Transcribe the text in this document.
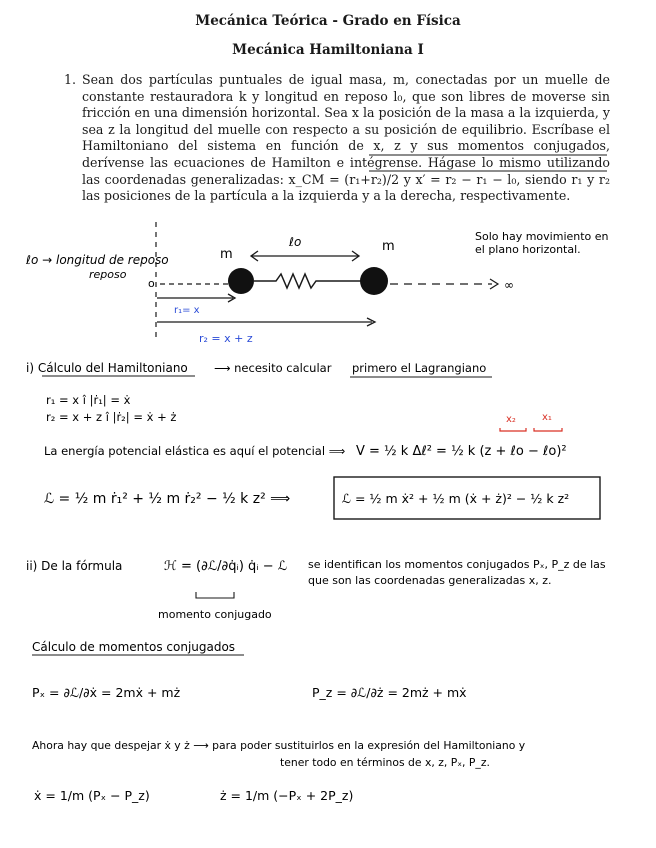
Mecánica Teórica - Grado en Física
Mecánica Hamiltoniana I
1. Sean dos partículas puntuales de igual masa, m, conectadas por un muelle de constante restauradora k y longitud en reposo l₀, que son libres de moverse sin fricción en una dimensión horizontal. Sea x la posición de la masa a la izquierda, y sea z la longitud del muelle con respecto a su posición de equilibrio. Escríbase el Hamiltoniano del sistema en función de x, z y sus momentos conjugados, derívense las ecuaciones de Hamilton e intégrense. Hágase lo mismo utilizando las coordenadas generalizadas: x_CM = (r₁+r₂)/2 y x′ = r₂ − r₁ − l₀, siendo r₁ y r₂ las posiciones de la partícula a la izquierda y a la derecha, respectivamente.
ℓo → longitud de reposo
reposo
o	∞
m
m
ℓo	Solo hay movimiento en
el plano horizontal.
r₁= x
r₂ = x + z
i) Cálculo del Hamiltoniano ⟶ necesito calcular primero el Lagrangiano
r₁ = x î |ṙ₁| = ẋ
r₂ = x + z î |ṙ₂| = ẋ + ż	x₂	x₁
La energía potencial elástica es aquí el potencial ⟹ V = ½ k Δℓ² = ½ k (z + ℓo − ℓo)²
ℒ = ½ m ṙ₁² + ½ m ṙ₂² − ½ k z² ⟹	ℒ = ½ m ẋ² + ½ m (ẋ + ż)² − ½ k z²
ii) De la fórmula	ℋ = (∂ℒ/∂q̇ᵢ) q̇ᵢ − ℒ se identifican los momentos conjugados Pₓ, P_z de las
que son las coordenadas generalizadas x, z.
momento conjugado
Cálculo de momentos conjugados
Pₓ = ∂ℒ/∂ẋ = 2mẋ + mż	P_z = ∂ℒ/∂ż = 2mż + mẋ
Ahora hay que despejar ẋ y ż ⟶ para poder sustituirlos en la expresión del Hamiltoniano y
tener todo en términos de x, z, Pₓ, P_z.
ẋ = 1/m (Pₓ − P_z)	ż = 1/m (−Pₓ + 2P_z)
